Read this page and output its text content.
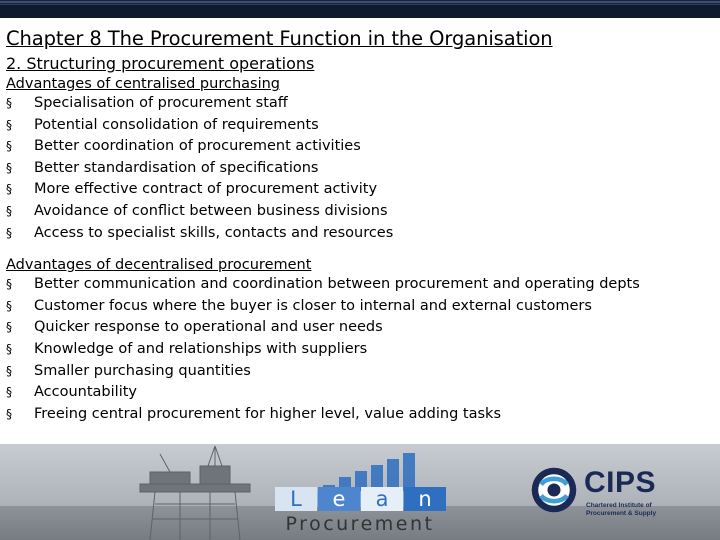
Chapter 8 The Procurement Function in the Organisation
2. Structuring procurement operations
Advantages of centralised purchasing
§ Specialisation of procurement staff
§ Potential consolidation of requirements
§ Better coordination of procurement activities
§ Better standardisation of specifications
§ More effective contract of procurement activity
§ Avoidance of conflict between business divisions
§ Access to specialist skills, contacts and resources
Advantages of decentralised procurement
§ Better communication and coordination between procurement and operating depts
§ Customer focus where the buyer is closer to internal and external customers
§ Quicker response to operational and user needs
§ Knowledge of and relationships with suppliers
§ Smaller purchasing quantities
§ Accountability
§ Freeing central procurement for higher level, value adding tasks
L	e	a	n
Procurement
CIPS
Chartered Institute of
Procurement & Supply
